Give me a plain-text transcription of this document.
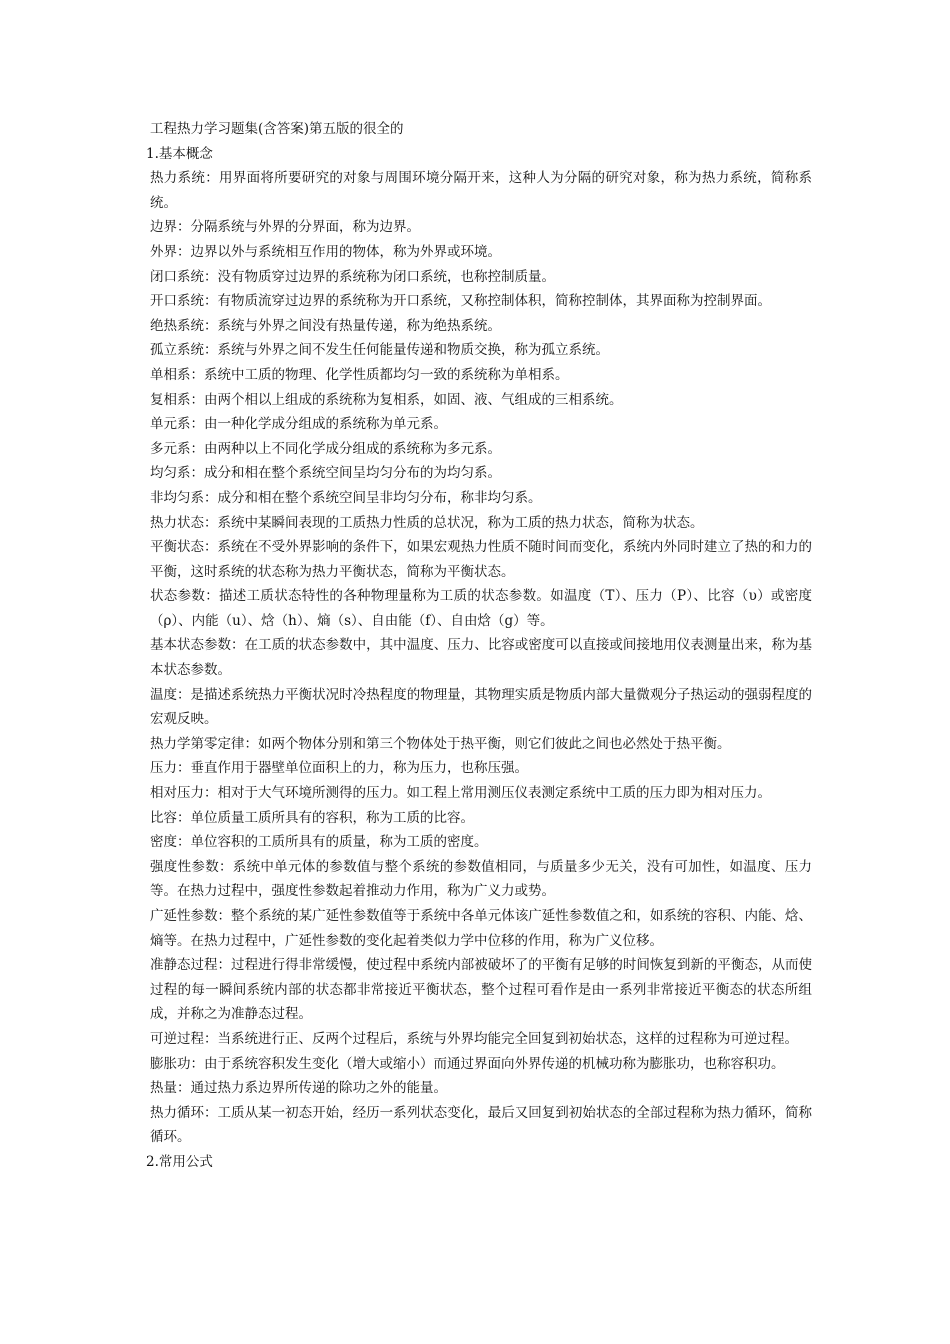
工程热力学习题集(含答案)第五版的很全的
1.基本概念
热力系统：用界面将所要研究的对象与周围环境分隔开来，这种人为分隔的研究对象，称为热力系统，简称系统。
边界：分隔系统与外界的分界面，称为边界。
外界：边界以外与系统相互作用的物体，称为外界或环境。
闭口系统：没有物质穿过边界的系统称为闭口系统，也称控制质量。
开口系统：有物质流穿过边界的系统称为开口系统，又称控制体积，简称控制体，其界面称为控制界面。
绝热系统：系统与外界之间没有热量传递，称为绝热系统。
孤立系统：系统与外界之间不发生任何能量传递和物质交换，称为孤立系统。
单相系：系统中工质的物理、化学性质都均匀一致的系统称为单相系。
复相系：由两个相以上组成的系统称为复相系，如固、液、气组成的三相系统。
单元系：由一种化学成分组成的系统称为单元系。
多元系：由两种以上不同化学成分组成的系统称为多元系。
均匀系：成分和相在整个系统空间呈均匀分布的为均匀系。
非均匀系：成分和相在整个系统空间呈非均匀分布，称非均匀系。
热力状态：系统中某瞬间表现的工质热力性质的总状况，称为工质的热力状态，简称为状态。
平衡状态：系统在不受外界影响的条件下，如果宏观热力性质不随时间而变化，系统内外同时建立了热的和力的平衡，这时系统的状态称为热力平衡状态，简称为平衡状态。
状态参数：描述工质状态特性的各种物理量称为工质的状态参数。如温度（T）、压力（P）、比容（υ）或密度（ρ）、内能（u）、焓（h）、熵（s）、自由能（f）、自由焓（g）等。
基本状态参数：在工质的状态参数中，其中温度、压力、比容或密度可以直接或间接地用仪表测量出来，称为基本状态参数。
温度：是描述系统热力平衡状况时冷热程度的物理量，其物理实质是物质内部大量微观分子热运动的强弱程度的宏观反映。
热力学第零定律：如两个物体分别和第三个物体处于热平衡，则它们彼此之间也必然处于热平衡。
压力：垂直作用于器壁单位面积上的力，称为压力，也称压强。
相对压力：相对于大气环境所测得的压力。如工程上常用测压仪表测定系统中工质的压力即为相对压力。
比容：单位质量工质所具有的容积，称为工质的比容。
密度：单位容积的工质所具有的质量，称为工质的密度。
强度性参数：系统中单元体的参数值与整个系统的参数值相同，与质量多少无关，没有可加性，如温度、压力等。在热力过程中，强度性参数起着推动力作用，称为广义力或势。
广延性参数：整个系统的某广延性参数值等于系统中各单元体该广延性参数值之和，如系统的容积、内能、焓、熵等。在热力过程中，广延性参数的变化起着类似力学中位移的作用，称为广义位移。
准静态过程：过程进行得非常缓慢，使过程中系统内部被破坏了的平衡有足够的时间恢复到新的平衡态，从而使过程的每一瞬间系统内部的状态都非常接近平衡状态，整个过程可看作是由一系列非常接近平衡态的状态所组成，并称之为准静态过程。
可逆过程：当系统进行正、反两个过程后，系统与外界均能完全回复到初始状态，这样的过程称为可逆过程。
膨胀功：由于系统容积发生变化（增大或缩小）而通过界面向外界传递的机械功称为膨胀功，也称容积功。
热量：通过热力系边界所传递的除功之外的能量。
热力循环：工质从某一初态开始，经历一系列状态变化，最后又回复到初始状态的全部过程称为热力循环，简称循环。
2.常用公式
